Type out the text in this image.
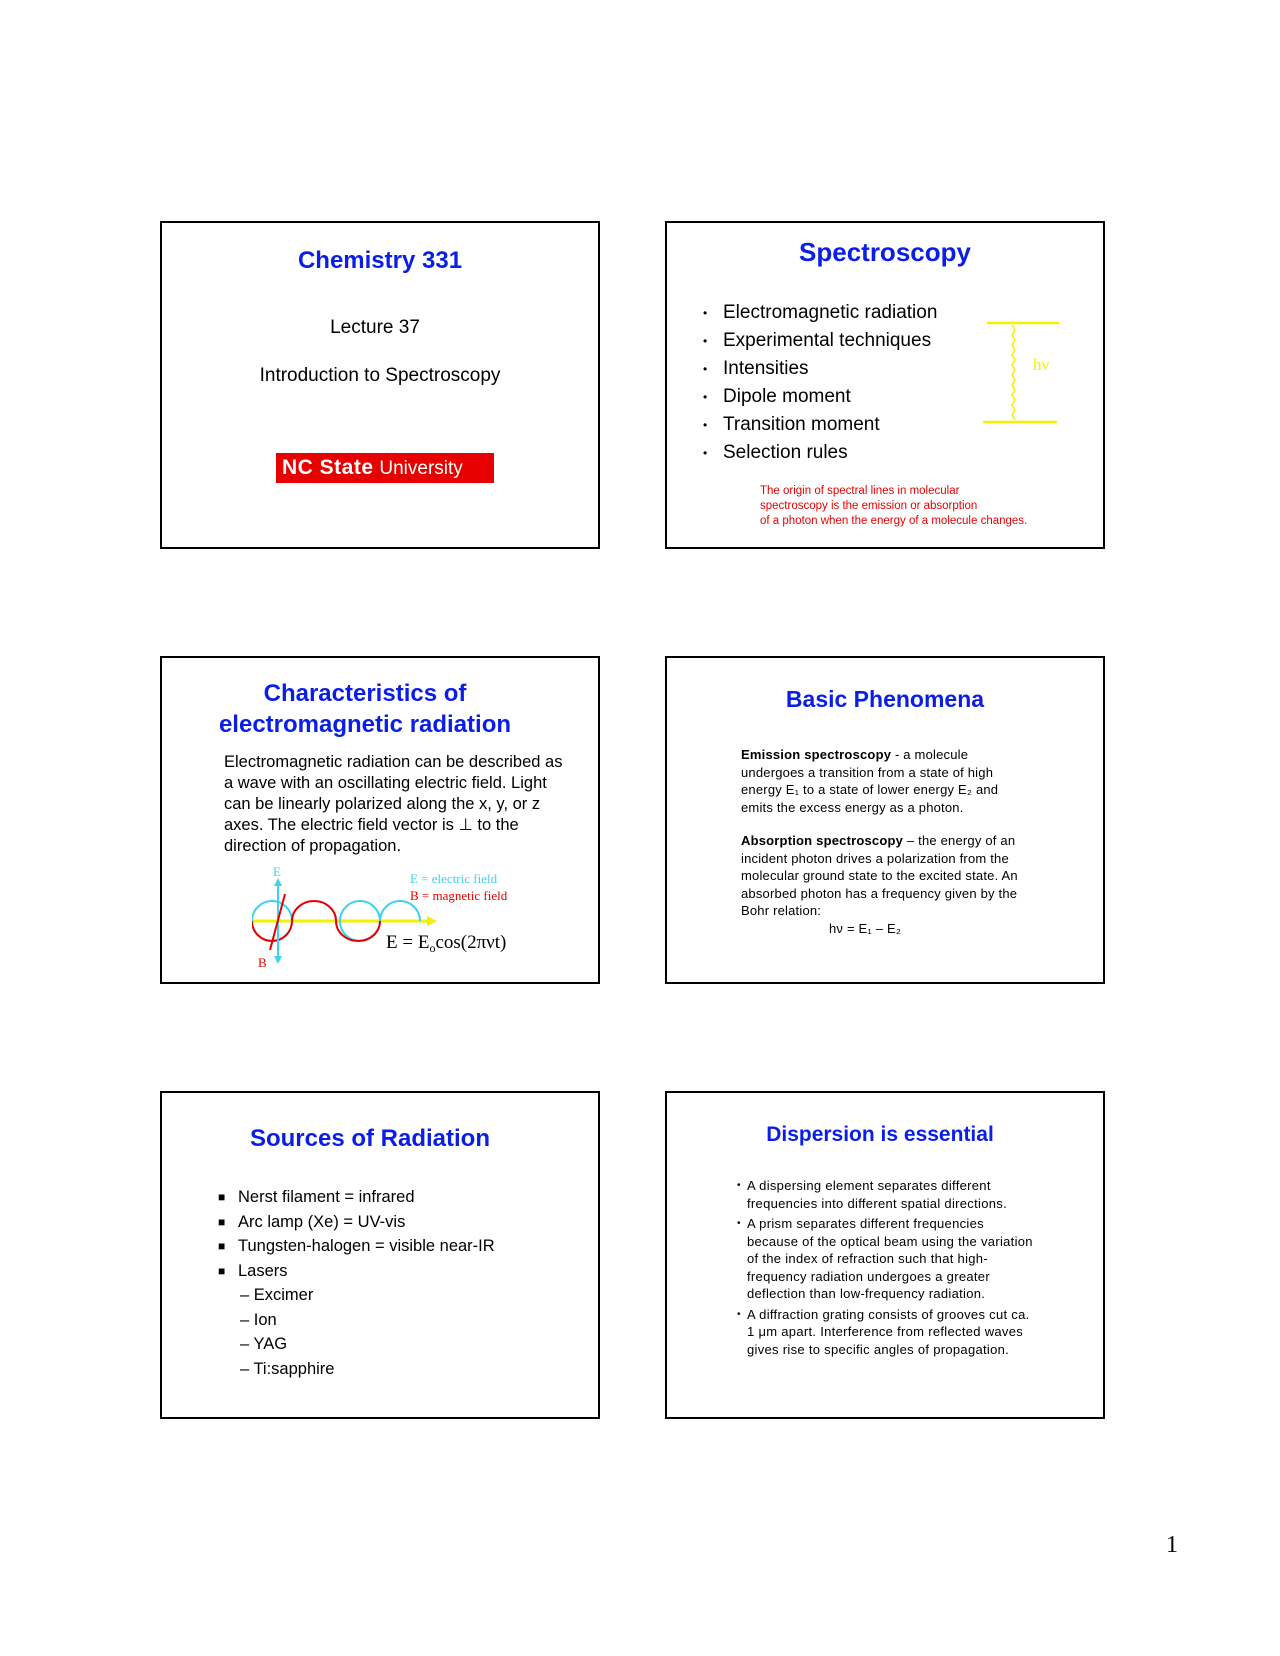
Chemistry 331
Lecture 37
Introduction to Spectroscopy
NC State University
Spectroscopy
• Electromagnetic radiation
• Experimental techniques
• Intensities
• Dipole moment
• Transition moment
• Selection rules
hν
The origin of spectral lines in molecular
spectroscopy is the emission or absorption
of a photon when the energy of a molecule changes.
Characteristics of
electromagnetic radiation
Electromagnetic radiation can be described as a wave with an oscillating electric field. Light can be linearly polarized along the x, y, or z axes. The electric field vector is ⊥ to the direction of propagation.
E
B
E = electric field
B = magnetic field
$E = E_o\cos(2\pi\nu t)$
Basic Phenomena
Emission spectroscopy - a molecule undergoes a transition from a state of high energy E₁ to a state of lower energy E₂ and emits the excess energy as a photon.
Absorption spectroscopy – the energy of an incident photon drives a polarization from the molecular ground state to the excited state. An absorbed photon has a frequency given by the Bohr relation:
hν = E₁ – E₂
Sources of Radiation
■ Nerst filament = infrared
■ Arc lamp (Xe) = UV-vis
■ Tungsten-halogen = visible near-IR
■ Lasers
– Excimer
– Ion
– YAG
– Ti:sapphire
Dispersion is essential
• A dispersing element separates different frequencies into different spatial directions.
• A prism separates different frequencies because of the optical beam using the variation of the index of refraction such that high-frequency radiation undergoes a greater deflection than low-frequency radiation.
• A diffraction grating consists of grooves cut ca. 1 μm apart. Interference from reflected waves gives rise to specific angles of propagation.
1
